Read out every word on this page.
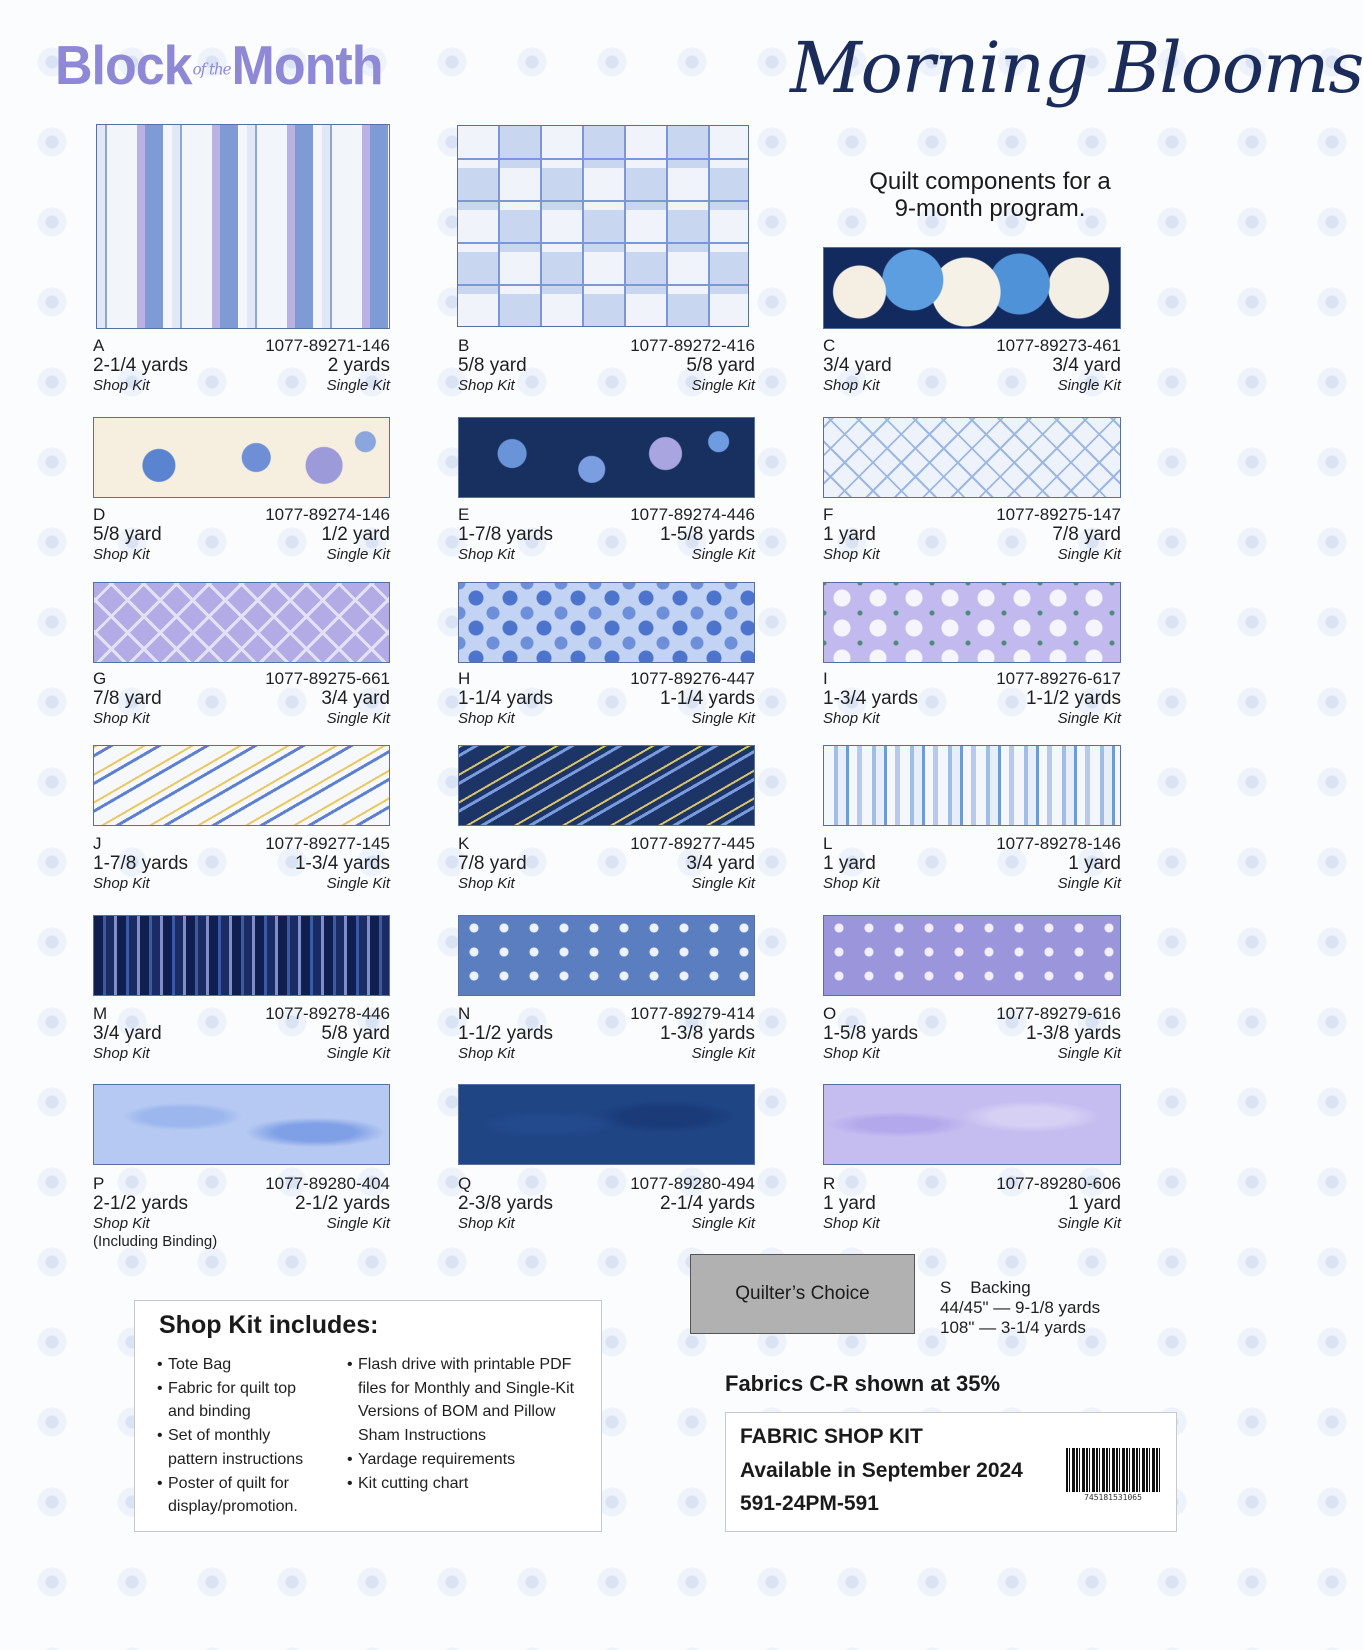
Blockof theMonth	Morning Blooms
Quilt components for a
9-month program.
A	1077-89271-146
2-1/4 yards	2 yards
Shop Kit	Single Kit
B	1077-89272-416
5/8 yard	5/8 yard
Shop Kit	Single Kit
C	1077-89273-461
3/4 yard	3/4 yard
Shop Kit	Single Kit
D	1077-89274-146
5/8 yard	1/2 yard
Shop Kit	Single Kit
E	1077-89274-446
1-7/8 yards	1-5/8 yards
Shop Kit	Single Kit
F	1077-89275-147
1 yard	7/8 yard
Shop Kit	Single Kit
G	1077-89275-661
7/8 yard	3/4 yard
Shop Kit	Single Kit
H	1077-89276-447
1-1/4 yards	1-1/4 yards
Shop Kit	Single Kit
I	1077-89276-617
1-3/4 yards	1-1/2 yards
Shop Kit	Single Kit
J	1077-89277-145
1-7/8 yards	1-3/4 yards
Shop Kit	Single Kit
K	1077-89277-445
7/8 yard	3/4 yard
Shop Kit	Single Kit
L	1077-89278-146
1 yard	1 yard
Shop Kit	Single Kit
M	1077-89278-446
3/4 yard	5/8 yard
Shop Kit	Single Kit
N	1077-89279-414
1-1/2 yards	1-3/8 yards
Shop Kit	Single Kit
O	1077-89279-616
1-5/8 yards	1-3/8 yards
Shop Kit	Single Kit
P	1077-89280-404
2-1/2 yards	2-1/2 yards
Shop Kit	Single Kit
(Including Binding)
Q	1077-89280-494
2-3/8 yards	2-1/4 yards
Shop Kit	Single Kit
R	1077-89280-606
1 yard	1 yard
Shop Kit	Single Kit
Quilter’s Choice	S    Backing
44/45" — 9-1/8 yards
108" — 3-1/4 yards
Shop Kit includes:
• Tote Bag
• Fabric for quilt top and binding
• Set of monthly pattern instructions
• Poster of quilt for display/promotion.
• Flash drive with printable PDF files for Monthly and Single-Kit Versions of BOM and Pillow Sham Instructions
• Yardage requirements
• Kit cutting chart
Fabrics C-R shown at 35%
FABRIC SHOP KIT
Available in September 2024
591-24PM-591	745181531065
